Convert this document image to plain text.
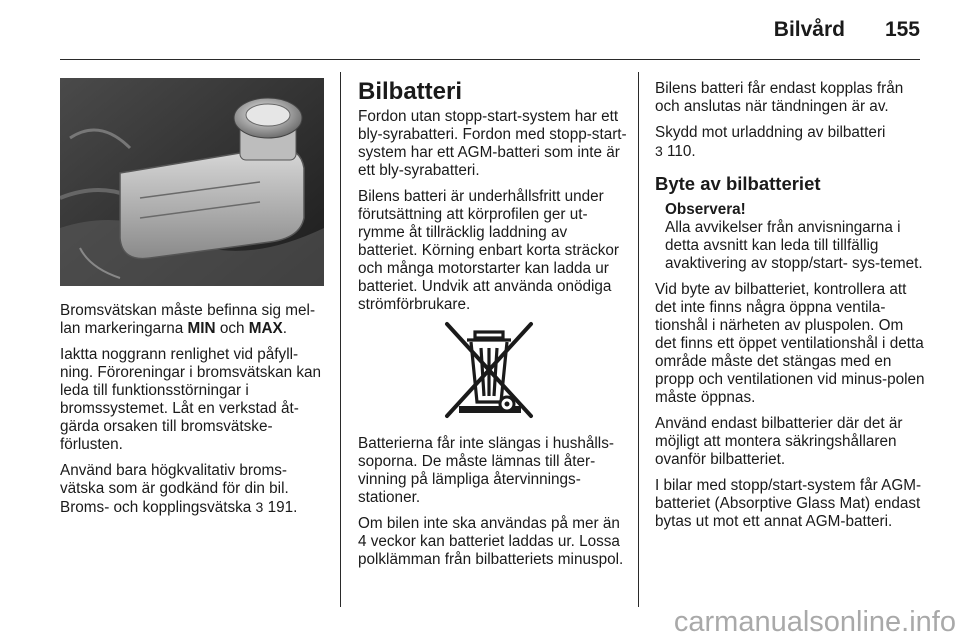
Bilvård 155

Bromsvätskan måste befinna sig mel-lan markeringarna MIN och MAX.

Iaktta noggrann renlighet vid påfyll-ning. Föroreningar i bromsvätskan kan leda till funktionsstörningar i bromssystemet. Låt en verkstad åt-gärda orsaken till bromsvätske-förlusten.

Använd bara högkvalitativ broms-vätska som är godkänd för din bil. Broms- och kopplingsvätska 3 191.

Bilbatteri

Fordon utan stopp-start-system har ett bly-syrabatteri. Fordon med stopp-start-system har ett AGM-batteri som inte är ett bly-syrabatteri.

Bilens batteri är underhållsfritt under förutsättning att körprofilen ger ut-rymme åt tillräcklig laddning av batteriet. Körning enbart korta sträckor och många motorstarter kan ladda ur batteriet. Undvik att använda onödiga strömförbrukare.

Batterierna får inte slängas i hushålls-soporna. De måste lämnas till åter-vinning på lämpliga återvinnings-stationer.

Om bilen inte ska användas på mer än 4 veckor kan batteriet laddas ur. Lossa polklämman från bilbatteriets minuspol.

Bilens batteri får endast kopplas från och anslutas när tändningen är av.

Skydd mot urladdning av bilbatteri
3 110.

Byte av bilbatteriet
Observera!
Alla avvikelser från anvisningarna i detta avsnitt kan leda till tillfällig avaktivering av stopp/start- sys-temet.

Vid byte av bilbatteriet, kontrollera att det inte finns några öppna ventila-tionshål i närheten av pluspolen. Om det finns ett öppet ventilationshål i detta område måste det stängas med en propp och ventilationen vid minus-polen måste öppnas.

Använd endast bilbatterier där det är möjligt att montera säkringshållaren ovanför bilbatteriet.

I bilar med stopp/start-system får AGM-batteriet (Absorptive Glass Mat) endast bytas ut mot ett annat AGM-batteri.

carmanualsonline.info
